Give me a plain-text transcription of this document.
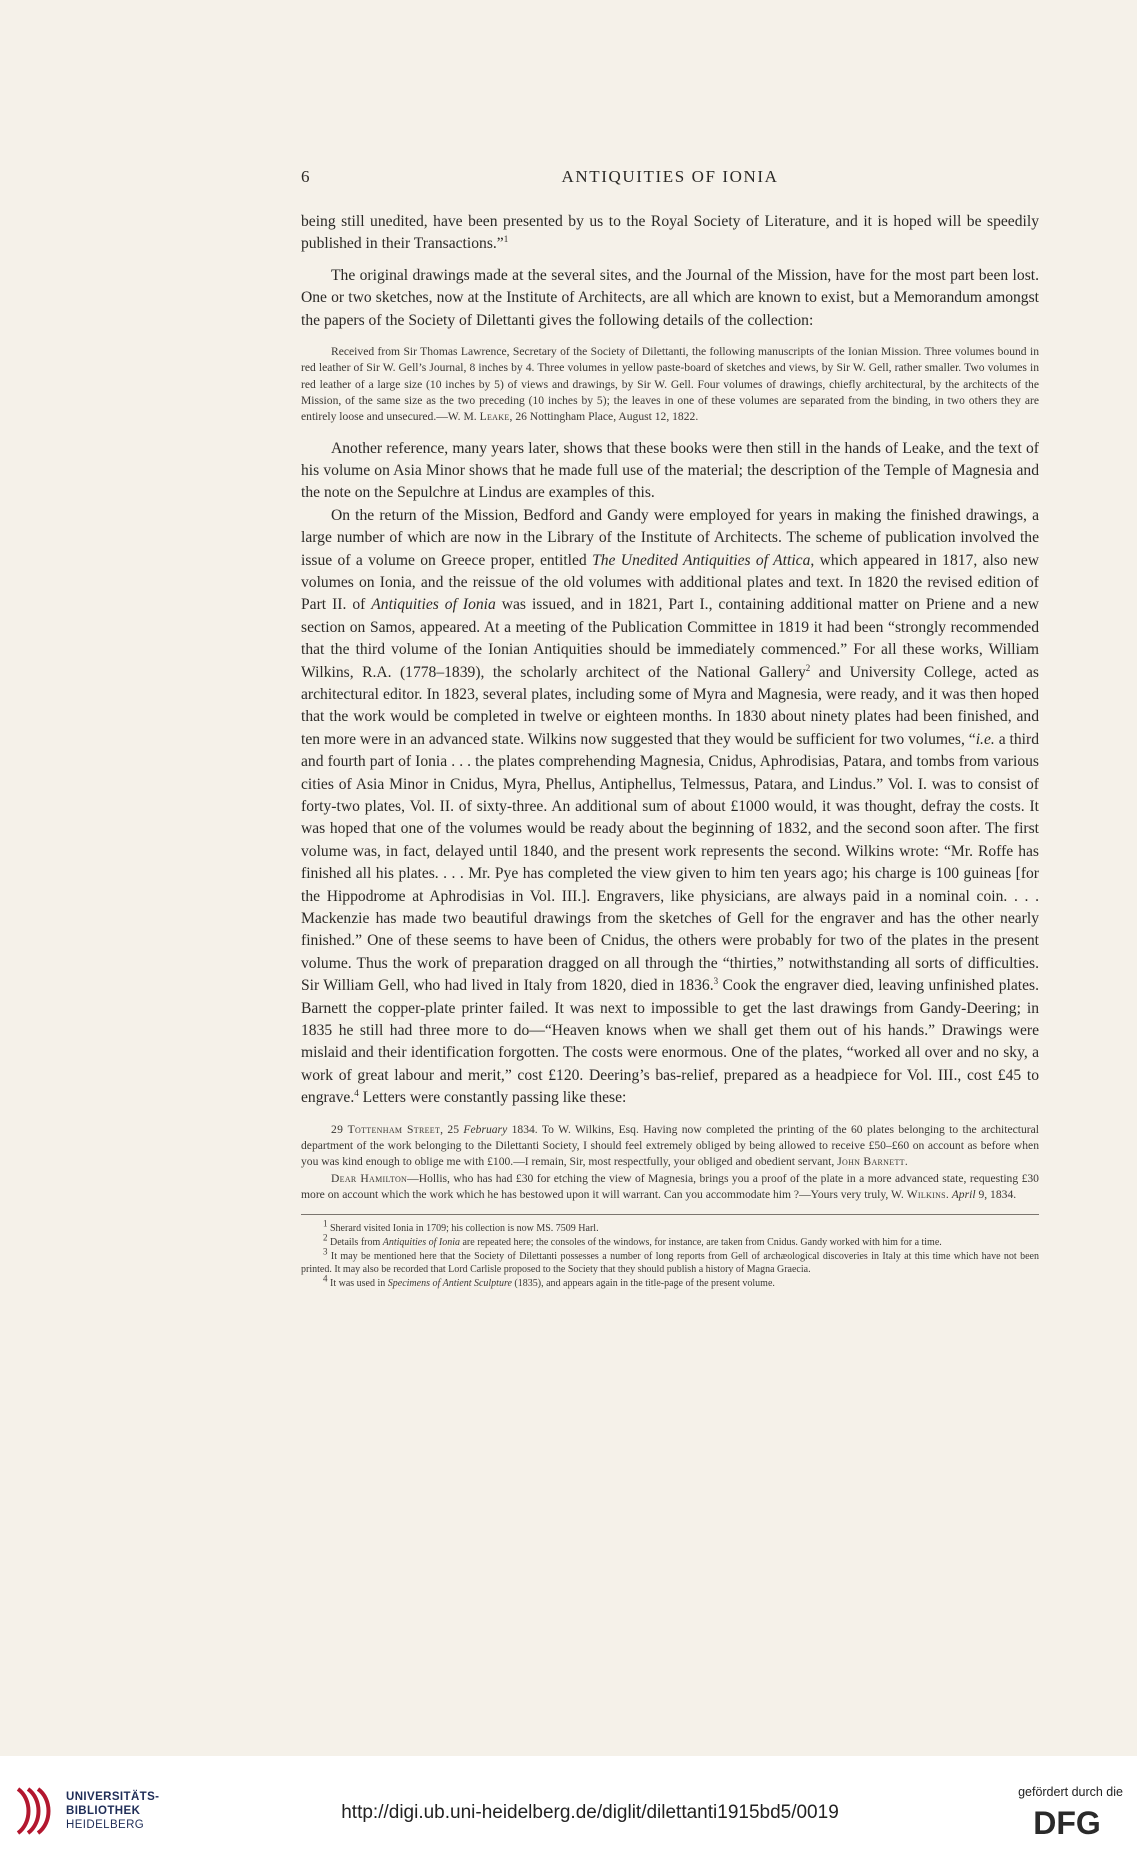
6	ANTIQUITIES OF IONIA

being still unedited, have been presented by us to the Royal Society of Literature, and it is hoped will be speedily published in their Transactions.”$^1$

The original drawings made at the several sites, and the Journal of the Mission, have for the most part been lost. One or two sketches, now at the Institute of Architects, are all which are known to exist, but a Memorandum amongst the papers of the Society of Dilettanti gives the following details of the collection:

Received from Sir Thomas Lawrence, Secretary of the Society of Dilettanti, the following manuscripts of the Ionian Mission. Three volumes bound in red leather of Sir W. Gell’s Journal, 8 inches by 4. Three volumes in yellow paste-board of sketches and views, by Sir W. Gell, rather smaller. Two volumes in red leather of a large size (10 inches by 5) of views and drawings, by Sir W. Gell. Four volumes of drawings, chiefly architectural, by the architects of the Mission, of the same size as the two preceding (10 inches by 5); the leaves in one of these volumes are separated from the binding, in two others they are entirely loose and unsecured.—W. M. Leake, 26 Nottingham Place, August 12, 1822.

Another reference, many years later, shows that these books were then still in the hands of Leake, and the text of his volume on Asia Minor shows that he made full use of the material; the description of the Temple of Magnesia and the note on the Sepulchre at Lindus are examples of this.

On the return of the Mission, Bedford and Gandy were employed for years in making the finished drawings, a large number of which are now in the Library of the Institute of Architects. The scheme of publication involved the issue of a volume on Greece proper, entitled The Unedited Antiquities of Attica, which appeared in 1817, also new volumes on Ionia, and the reissue of the old volumes with additional plates and text. In 1820 the revised edition of Part II. of Antiquities of Ionia was issued, and in 1821, Part I., containing additional matter on Priene and a new section on Samos, appeared. At a meeting of the Publication Committee in 1819 it had been “strongly recommended that the third volume of the Ionian Antiquities should be immediately commenced.” For all these works, William Wilkins, R.A. (1778–1839), the scholarly architect of the National Gallery$^2$ and University College, acted as architectural editor. In 1823, several plates, including some of Myra and Magnesia, were ready, and it was then hoped that the work would be completed in twelve or eighteen months. In 1830 about ninety plates had been finished, and ten more were in an advanced state. Wilkins now suggested that they would be sufficient for two volumes, “i.e. a third and fourth part of Ionia . . . the plates comprehending Magnesia, Cnidus, Aphrodisias, Patara, and tombs from various cities of Asia Minor in Cnidus, Myra, Phellus, Antiphellus, Telmessus, Patara, and Lindus.” Vol. I. was to consist of forty-two plates, Vol. II. of sixty-three. An additional sum of about £1000 would, it was thought, defray the costs. It was hoped that one of the volumes would be ready about the beginning of 1832, and the second soon after. The first volume was, in fact, delayed until 1840, and the present work represents the second. Wilkins wrote: “Mr. Roffe has finished all his plates. . . . Mr. Pye has completed the view given to him ten years ago; his charge is 100 guineas [for the Hippodrome at Aphrodisias in Vol. III.]. Engravers, like physicians, are always paid in a nominal coin. . . . Mackenzie has made two beautiful drawings from the sketches of Gell for the engraver and has the other nearly finished.” One of these seems to have been of Cnidus, the others were probably for two of the plates in the present volume. Thus the work of preparation dragged on all through the “thirties,” notwithstanding all sorts of difficulties. Sir William Gell, who had lived in Italy from 1820, died in 1836.$^3$ Cook the engraver died, leaving unfinished plates. Barnett the copper-plate printer failed. It was next to impossible to get the last drawings from Gandy-Deering; in 1835 he still had three more to do—“Heaven knows when we shall get them out of his hands.” Drawings were mislaid and their identification forgotten. The costs were enormous. One of the plates, “worked all over and no sky, a work of great labour and merit,” cost £120. Deering’s bas-relief, prepared as a headpiece for Vol. III., cost £45 to engrave.$^4$ Letters were constantly passing like these:

29 Tottenham Street, 25 February 1834. To W. Wilkins, Esq. Having now completed the printing of the 60 plates belonging to the architectural department of the work belonging to the Dilettanti Society, I should feel extremely obliged by being allowed to receive £50–£60 on account as before when you was kind enough to oblige me with £100.—I remain, Sir, most respectfully, your obliged and obedient servant, John Barnett.

Dear Hamilton—Hollis, who has had £30 for etching the view of Magnesia, brings you a proof of the plate in a more advanced state, requesting £30 more on account which the work which he has bestowed upon it will warrant. Can you accommodate him ?—Yours very truly, W. Wilkins. April 9, 1834.

$^1$ Sherard visited Ionia in 1709; his collection is now MS. 7509 Harl.

$^2$ Details from Antiquities of Ionia are repeated here; the consoles of the windows, for instance, are taken from Cnidus. Gandy worked with him for a time.

$^3$ It may be mentioned here that the Society of Dilettanti possesses a number of long reports from Gell of archæological discoveries in Italy at this time which have not been printed. It may also be recorded that Lord Carlisle proposed to the Society that they should publish a history of Magna Graecia.

$^4$ It was used in Specimens of Antient Sculpture (1835), and appears again in the title-page of the present volume.

UNIVERSITÄTS-
BIBLIOTHEK
HEIDELBERG
http://digi.ub.uni-heidelberg.de/diglit/dilettanti1915bd5/0019
gefördert durch die
DFG
